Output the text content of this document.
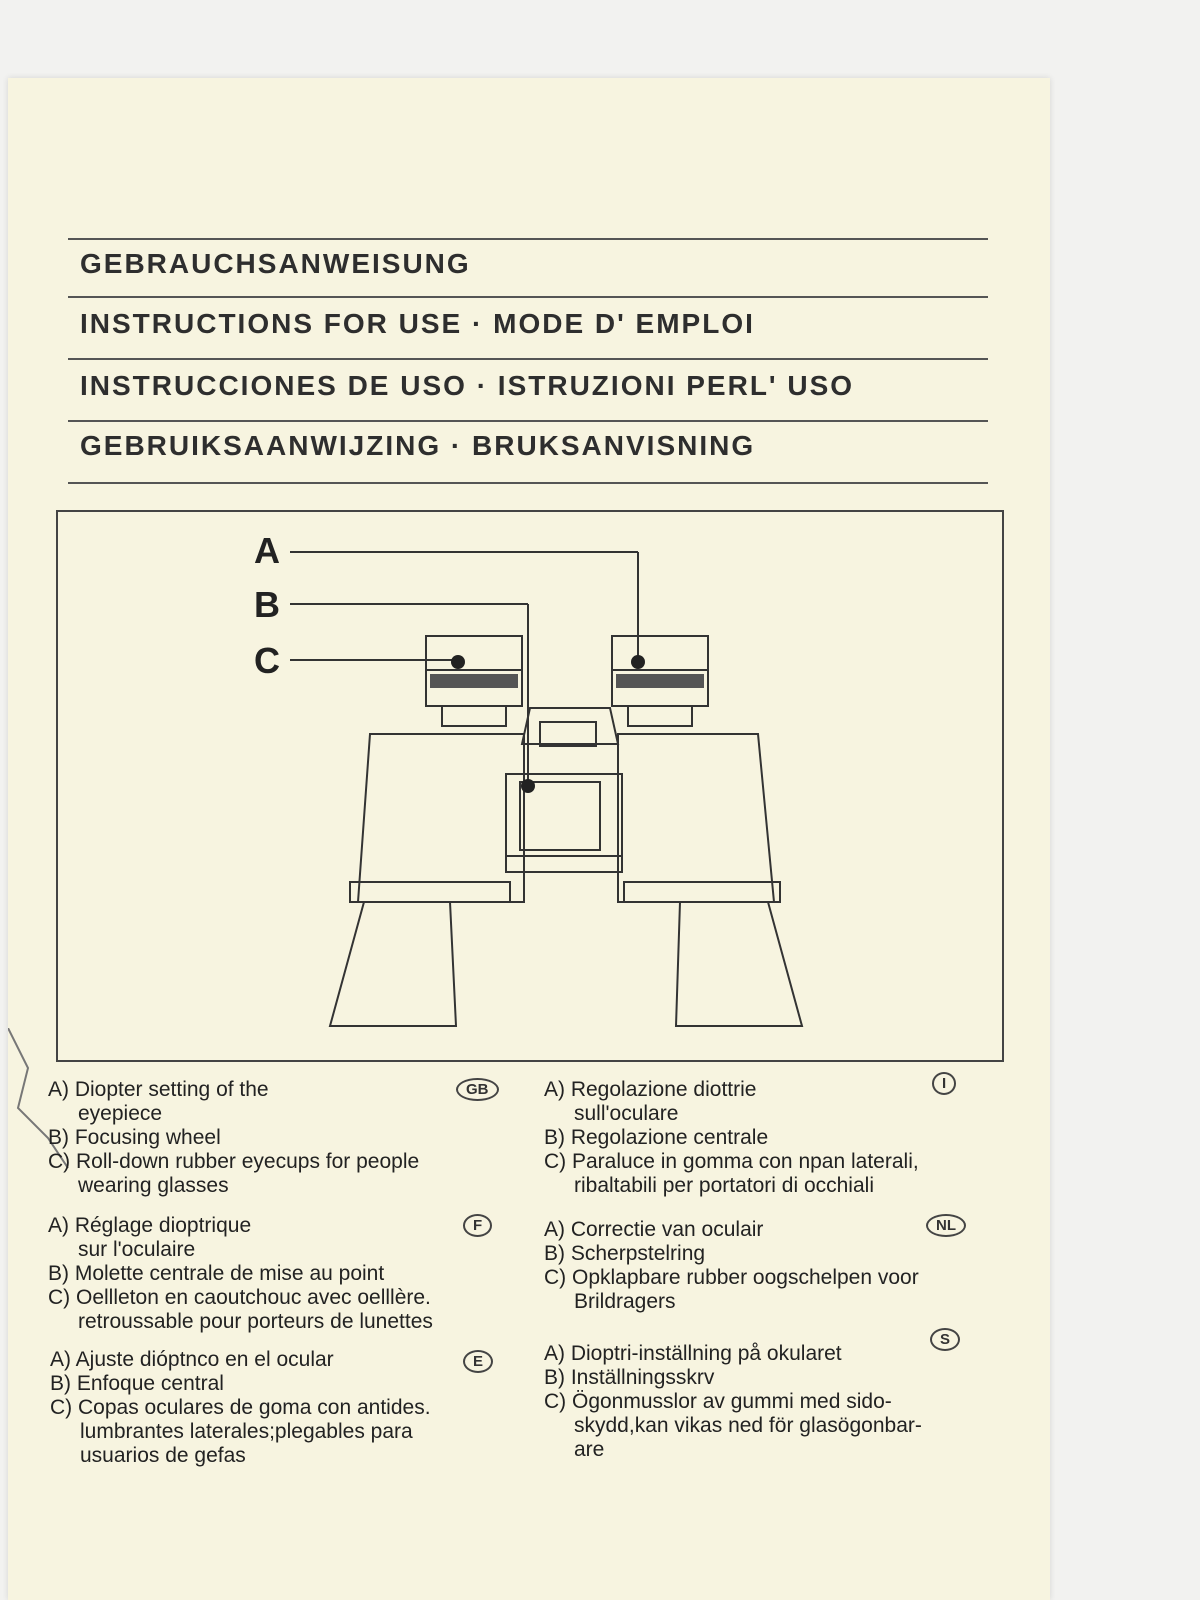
GEBRAUCHSANWEISUNG
INSTRUCTIONS FOR USE · MODE D' EMPLOI
INSTRUCCIONES DE USO · ISTRUZIONI PERL' USO
GEBRUIKSAANWIJZING · BRUKSANVISNING
A
B
C
A) Diopter setting of the
eyepiece
B) Focusing wheel
C) Roll-down rubber eyecups for people
wearing glasses
GB
A) Réglage dioptrique
sur l'oculaire
B) Molette centrale de mise au point
C) Oellleton en caoutchouc avec oelllère.
retroussable pour porteurs de lunettes
F
A) Ajuste dióptnco en el ocular
B) Enfoque central
C) Copas oculares de goma con antides.
lumbrantes laterales;plegables para
usuarios de gefas
E
A) Regolazione diottrie
sull'oculare
B) Regolazione centrale
C) Paraluce in gomma con npan laterali,
ribaltabili per portatori di occhiali
I
A) Correctie van oculair
B) Scherpstelring
C) Opklapbare rubber oogschelpen voor
Brildragers
NL
A) Dioptri-inställning på okularet
B) Inställningsskrv
C) Ögonmusslor av gummi med sido-
skydd,kan vikas ned för glasögonbar-
are
S
